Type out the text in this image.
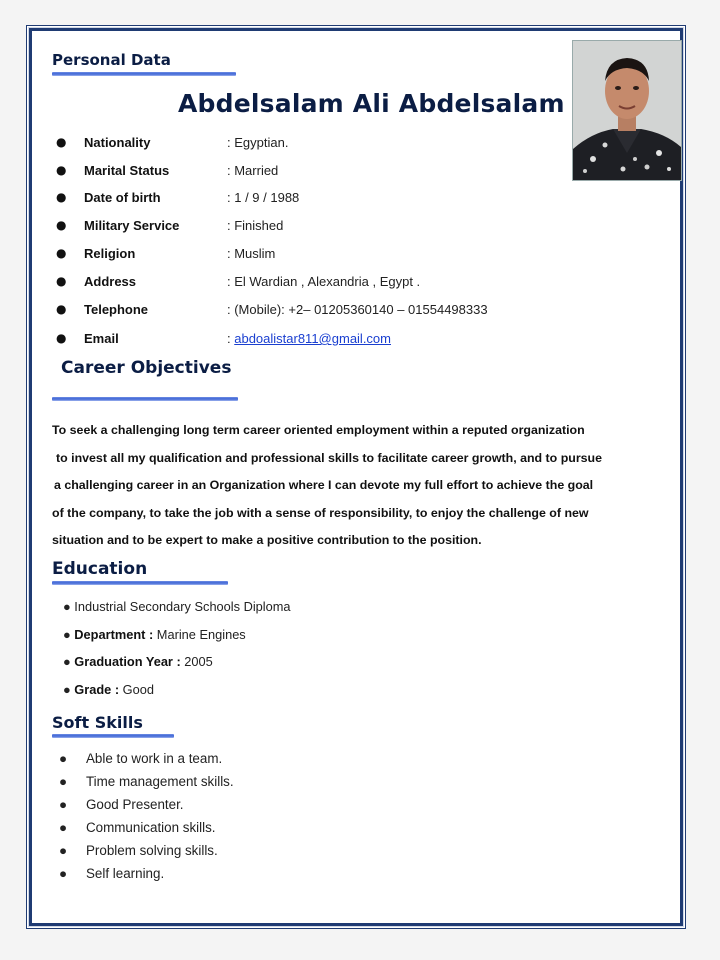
Personal Data
Abdelsalam Ali Abdelsalam
● Nationality	: Egyptian.
● Marital Status	: Married
● Date of birth	: 1 / 9 / 1988
● Military Service	: Finished
● Religion	: Muslim
● Address	: El Wardian , Alexandria , Egypt .
● Telephone	: (Mobile): +2– 01205360140 – 01554498333
● Email	: abdoalistar811@gmail.com
Career Objectives
To seek a challenging long term career oriented employment within a reputed organization
to invest all my qualification and professional skills to facilitate career growth, and to pursue
a challenging career in an Organization where I can devote my full effort to achieve the goal
of the company, to take the job with a sense of responsibility, to enjoy the challenge of new
situation and to be expert to make a positive contribution to the position.
Education
● Industrial Secondary Schools Diploma
● Department : Marine Engines
● Graduation Year : 2005
● Grade : Good
Soft Skills
● Able to work in a team.
● Time management skills.
● Good Presenter.
● Communication skills.
● Problem solving skills.
● Self learning.
